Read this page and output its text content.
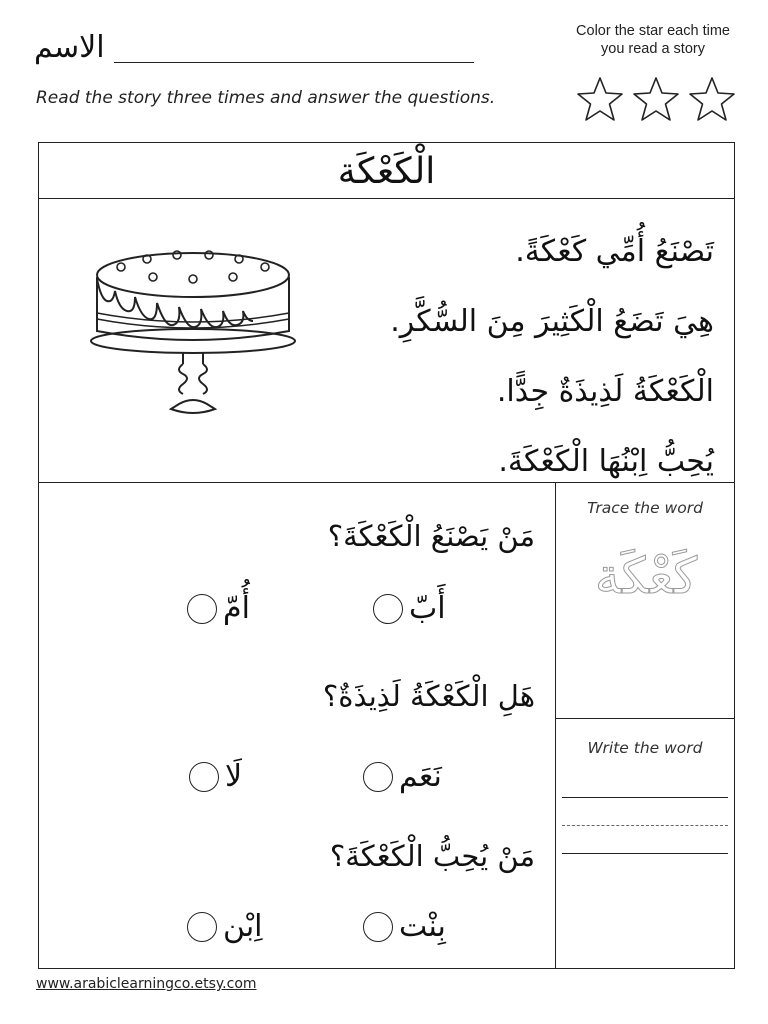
الاسم
Read the story three times and answer the questions.
Color the star each time
you read a story
الْكَعْكَة
تَصْنَعُ أُمِّي كَعْكَةً.
هِيَ تَضَعُ الْكَثِيرَ مِنَ السُّكَّرِ.
الْكَعْكَةُ لَذِيذَةٌ جِدًّا.
يُحِبُّ اِبْنُهَا الْكَعْكَةَ.
مَنْ يَصْنَعُ الْكَعْكَةَ؟
أُمّ	أَبّ
هَلِ الْكَعْكَةُ لَذِيذَةٌ؟
لَا	نَعَم
مَنْ يُحِبُّ الْكَعْكَةَ؟
اِبْن	بِنْت
Trace the word
كَعْكَة
Write the word
www.arabiclearningco.etsy.com
